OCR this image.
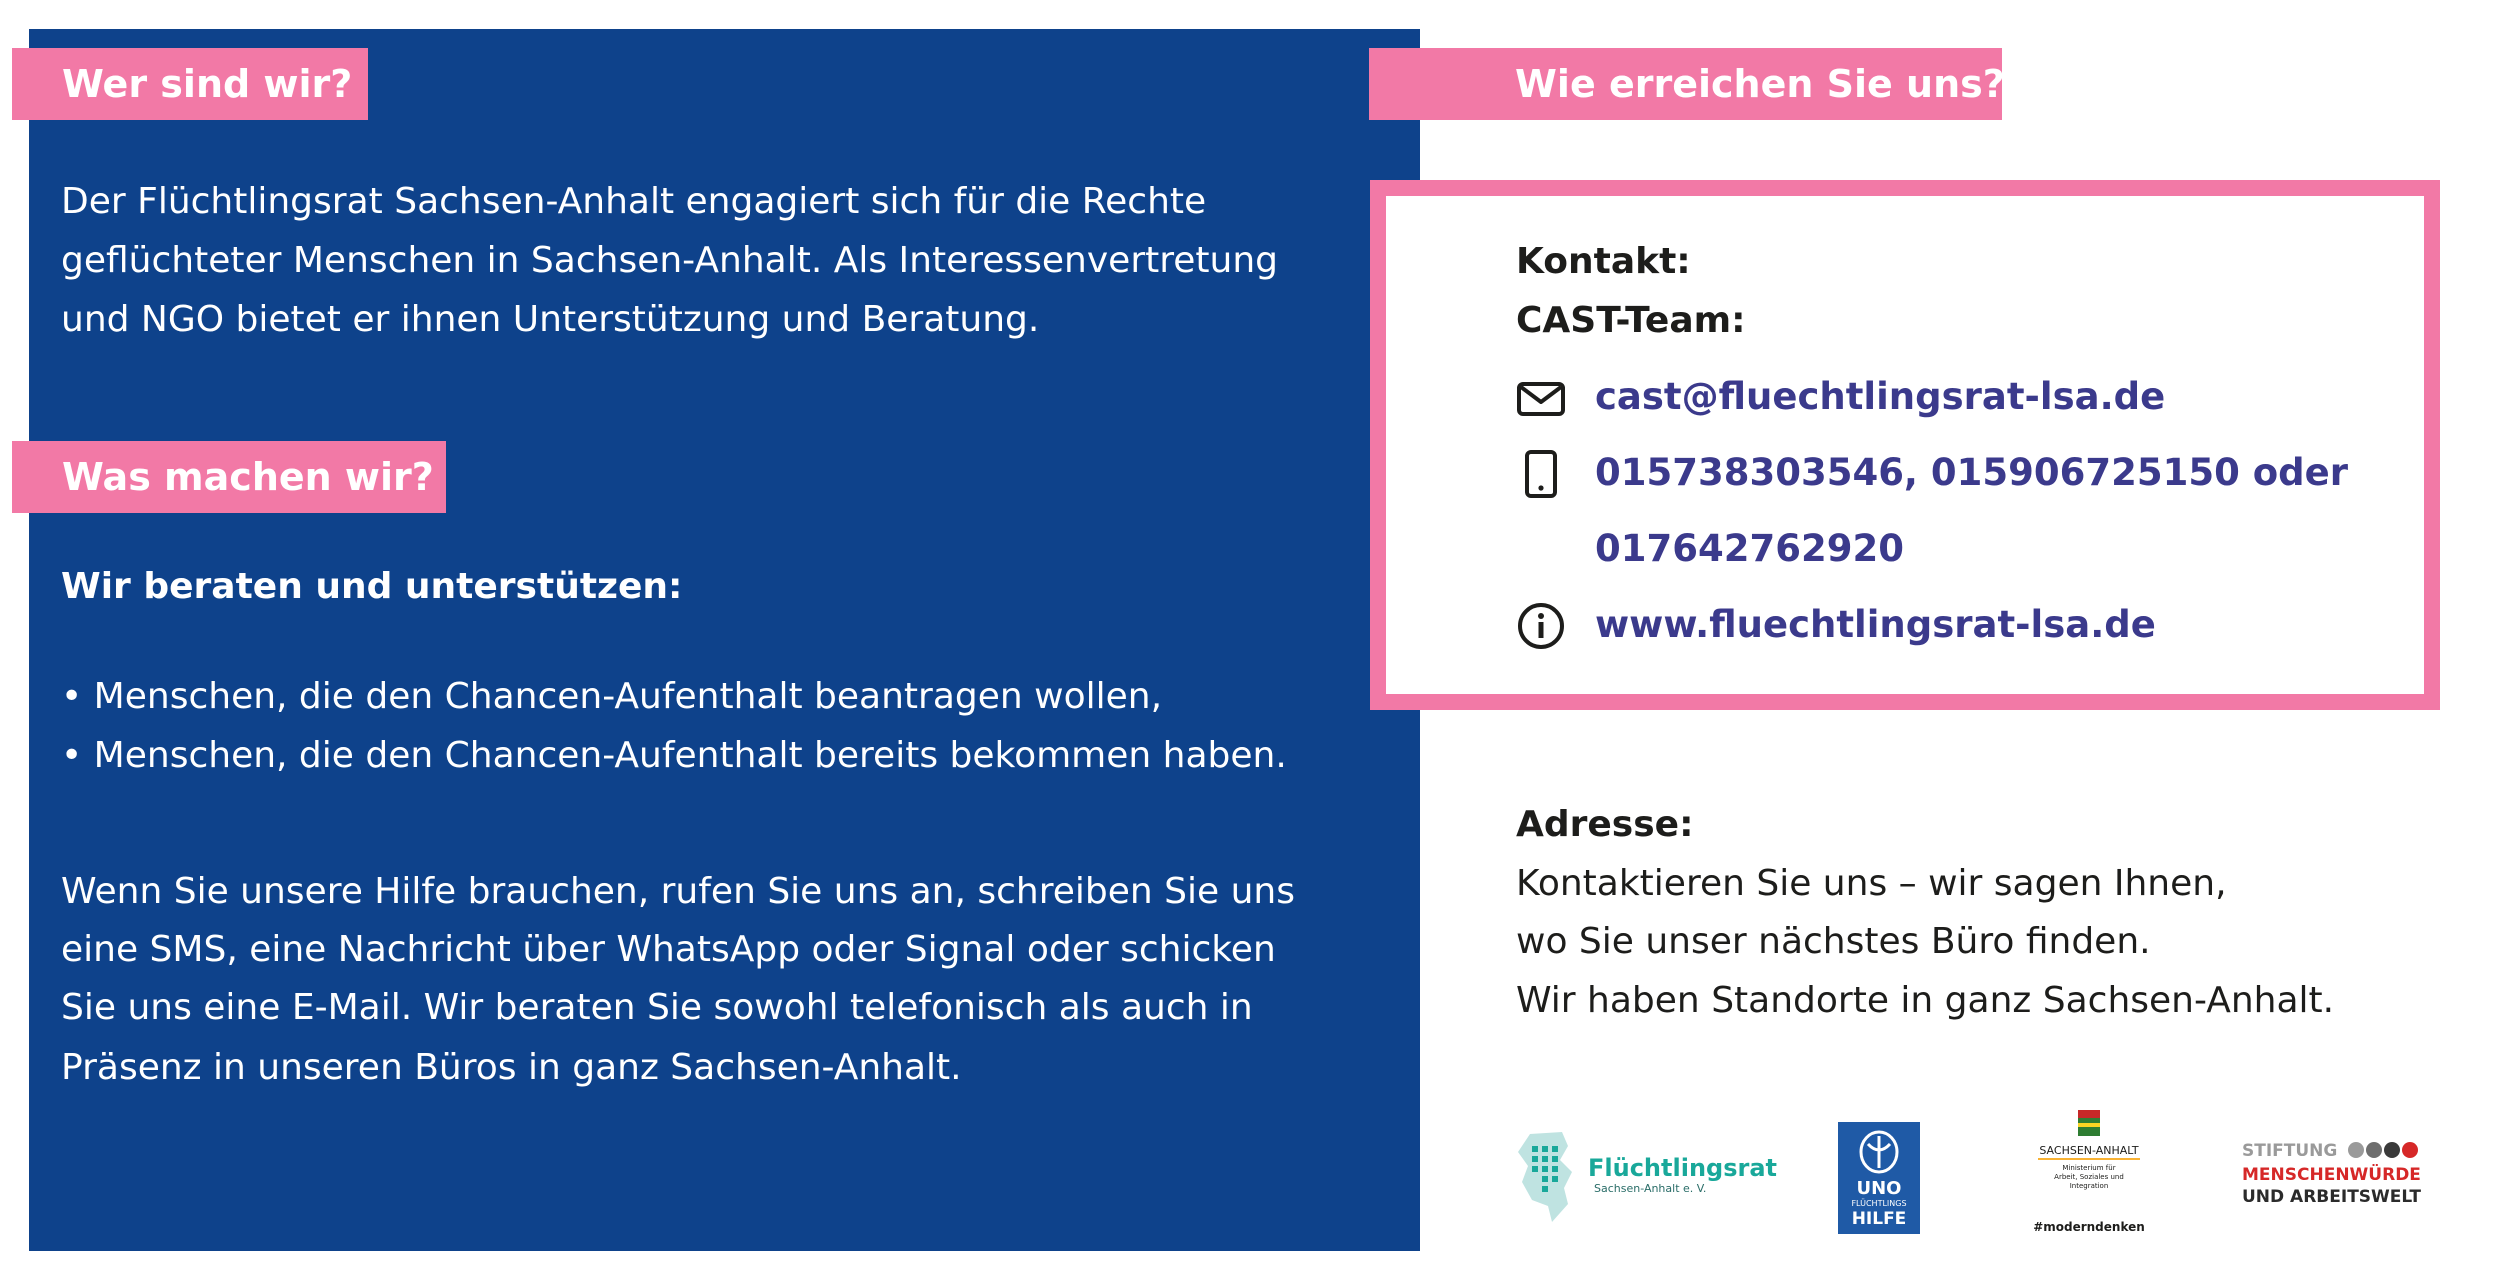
Wer sind wir?

Der Flüchtlingsrat Sachsen-Anhalt engagiert sich für die Rechte

geflüchteter Menschen in Sachsen-Anhalt. Als Interessenvertretung

und NGO bietet er ihnen Unterstützung und Beratung.

Was machen wir?

Wir beraten und unterstützen:

• Menschen, die den Chancen-Aufenthalt beantragen wollen,

• Menschen, die den Chancen-Aufenthalt bereits bekommen haben.

Wenn Sie unsere Hilfe brauchen, rufen Sie uns an, schreiben Sie uns

eine SMS, eine Nachricht über WhatsApp oder Signal oder schicken

Sie uns eine E-Mail. Wir beraten Sie sowohl telefonisch als auch in

Präsenz in unseren Büros in ganz Sachsen-Anhalt.

Wie erreichen Sie uns?

Kontakt:

CAST-Team:

cast@fluechtlingsrat-lsa.de
015738303546, 015906725150 oder
017642762920
www.fluechtlingsrat-lsa.de

Adresse:

Kontaktieren Sie uns – wir sagen Ihnen,

wo Sie unser nächstes Büro finden.

Wir haben Standorte in ganz Sachsen-Anhalt.

Flüchtlingsrat
Sachsen-Anhalt e. V.	UNO
FLÜCHTLINGS
HILFE
SACHSEN-ANHALT
Ministerium für
Arbeit, Soziales und
Integration
#moderndenken
STIFTUNG
MENSCHENWÜRDE
UND ARBEITSWELT
